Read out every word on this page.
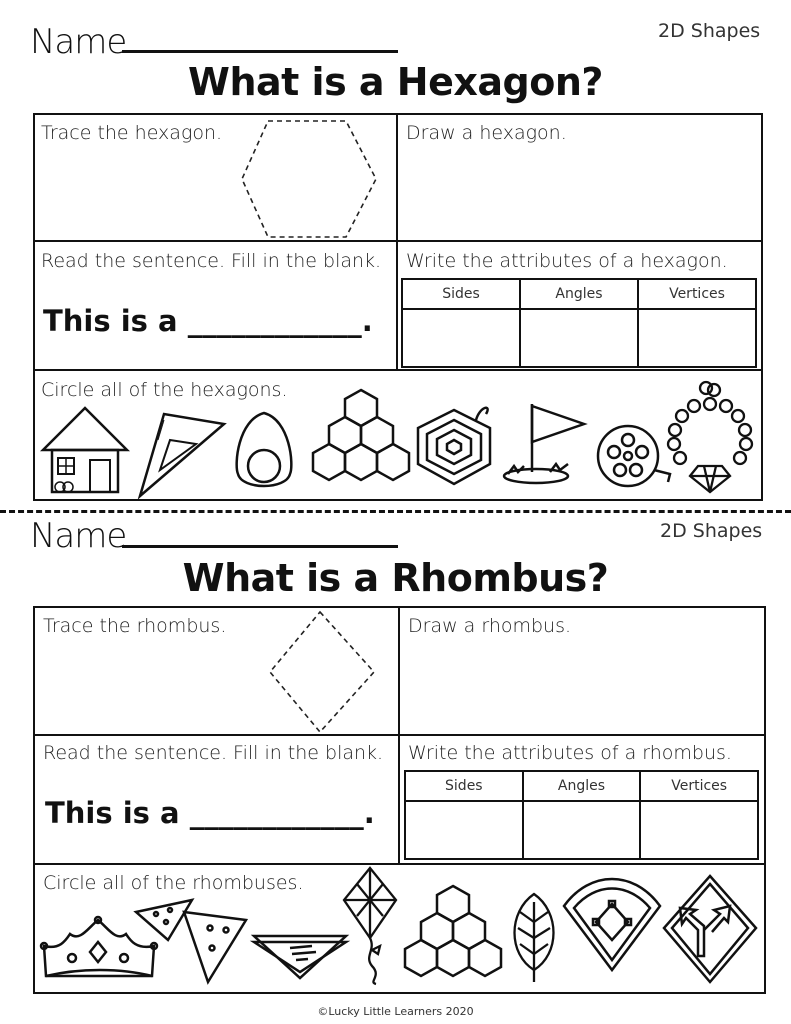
Name	2D Shapes
What is a Hexagon?
Trace the hexagon.	Draw a hexagon.
Read the sentence. Fill in the blank.
This is a ____________.
Write the attributes of a hexagon.
Sides	Angles	Vertices

Circle all of the hexagons.
Name	2D Shapes
What is a Rhombus?
Trace the rhombus.	Draw a rhombus.
Read the sentence. Fill in the blank.
This is a ____________.
Write the attributes of a rhombus.
Sides	Angles	Vertices

Circle all of the rhombuses.
©Lucky Little Learners 2020
